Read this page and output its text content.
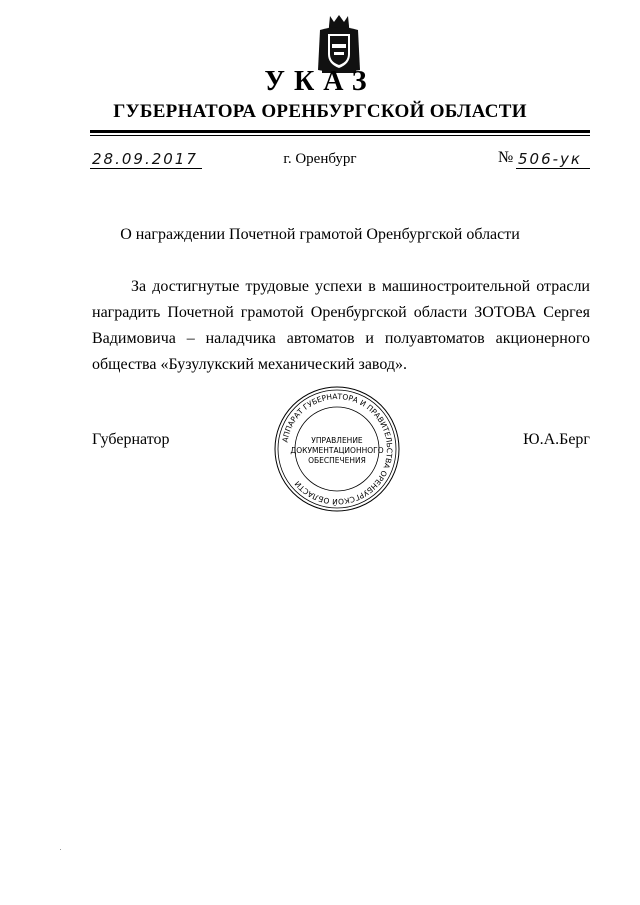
УКАЗ
ГУБЕРНАТОРА ОРЕНБУРГСКОЙ ОБЛАСТИ
28.09.2017	г. Оренбург	№ 506-ук
О награждении Почетной грамотой Оренбургской области
За достигнутые трудовые успехи в машиностроительной отрасли наградить Почетной грамотой Оренбургской области ЗОТОВА Сергея Вадимовича – наладчика автоматов и полуавтоматов акционерного общества «Бузулукский механический завод».
Губернатор	Ю.А.Берг
АППАРАТ ГУБЕРНАТОРА И ПРАВИТЕЛЬСТВА ОРЕНБУРГСКОЙ ОБЛАСТИ
УПРАВЛЕНИЕ
ДОКУМЕНТАЦИОННОГО
ОБЕСПЕЧЕНИЯ
